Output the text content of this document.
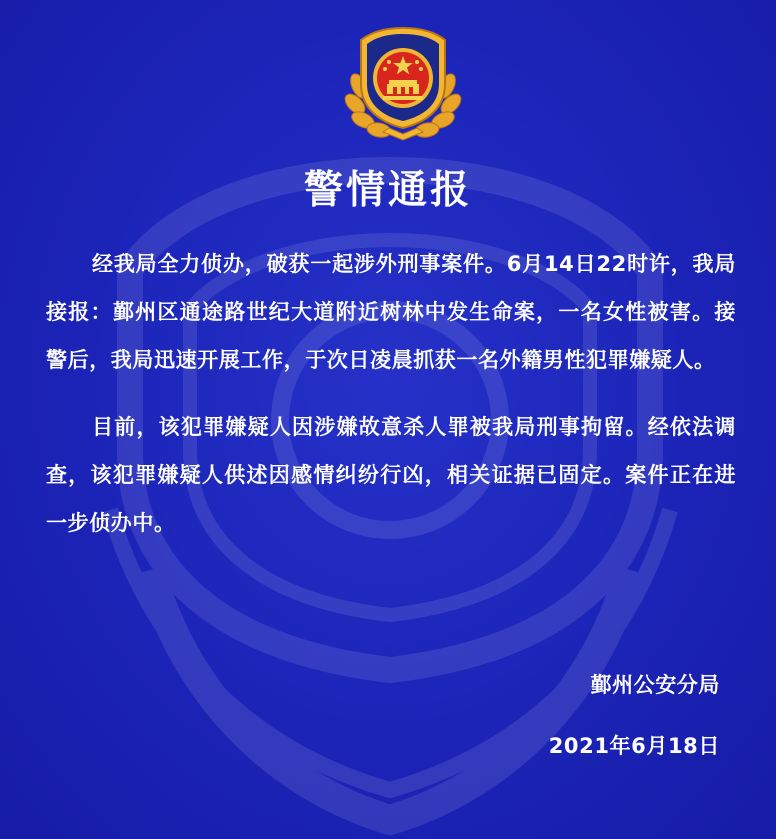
警情通报

经我局全力侦办，破获一起涉外刑事案件。6月14日22时许，我局接报：鄞州区通途路世纪大道附近树林中发生命案，一名女性被害。接警后，我局迅速开展工作，于次日凌晨抓获一名外籍男性犯罪嫌疑人。

目前，该犯罪嫌疑人因涉嫌故意杀人罪被我局刑事拘留。经依法调查，该犯罪嫌疑人供述因感情纠纷行凶，相关证据已固定。案件正在进一步侦办中。

鄞州公安分局

2021年6月18日
